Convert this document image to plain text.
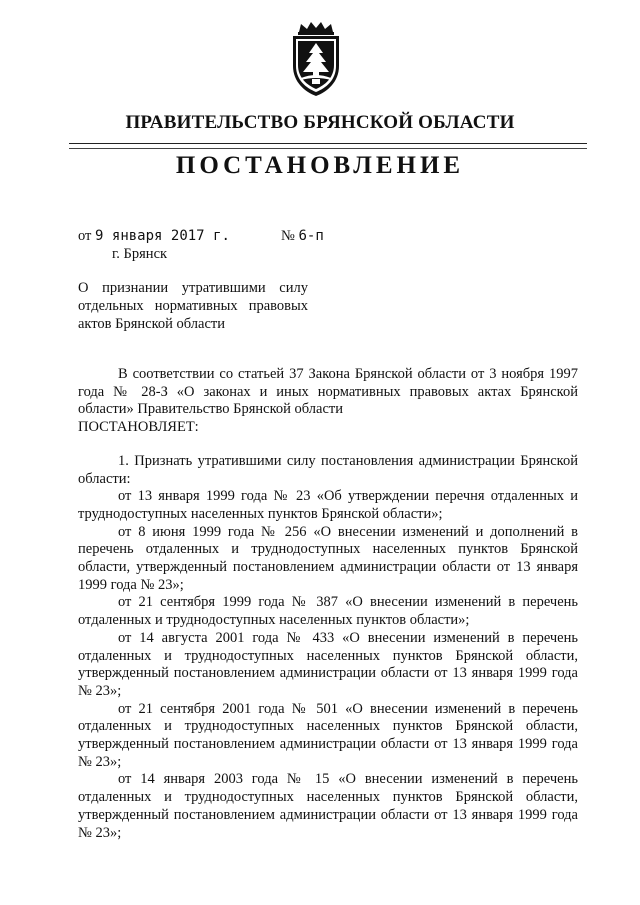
ПРАВИТЕЛЬСТВО БРЯНСКОЙ ОБЛАСТИ
ПОСТАНОВЛЕНИЕ
от 9 января 2017 г.	№ 6-п
г. Брянск
О признании утратившими силу
отдельных нормативных правовых
актов Брянской области

В соответствии со статьей 37 Закона Брянской области от 3 ноября 1997 года № 28-З «О законах и иных нормативных правовых актах Брянской области» Правительство Брянской области

ПОСТАНОВЛЯЕТ:

1. Признать утратившими силу постановления администрации Брянской области:

от 13 января 1999 года № 23 «Об утверждении перечня отдаленных и труднодоступных населенных пунктов Брянской области»;

от 8 июня 1999 года № 256 «О внесении изменений и дополнений в перечень отдаленных и труднодоступных населенных пунктов Брянской области, утвержденный постановлением администрации области от 13 января 1999 года № 23»;

от 21 сентября 1999 года № 387 «О внесении изменений в перечень отдаленных и труднодоступных населенных пунктов области»;

от 14 августа 2001 года № 433 «О внесении изменений в перечень отдаленных и труднодоступных населенных пунктов Брянской области, утвержденный постановлением администрации области от 13 января 1999 года № 23»;

от 21 сентября 2001 года № 501 «О внесении изменений в перечень отдаленных и труднодоступных населенных пунктов Брянской области, утвержденный постановлением администрации области от 13 января 1999 года № 23»;

от 14 января 2003 года № 15 «О внесении изменений в перечень отдаленных и труднодоступных населенных пунктов Брянской области, утвержденный постановлением администрации области от 13 января 1999 года № 23»;
